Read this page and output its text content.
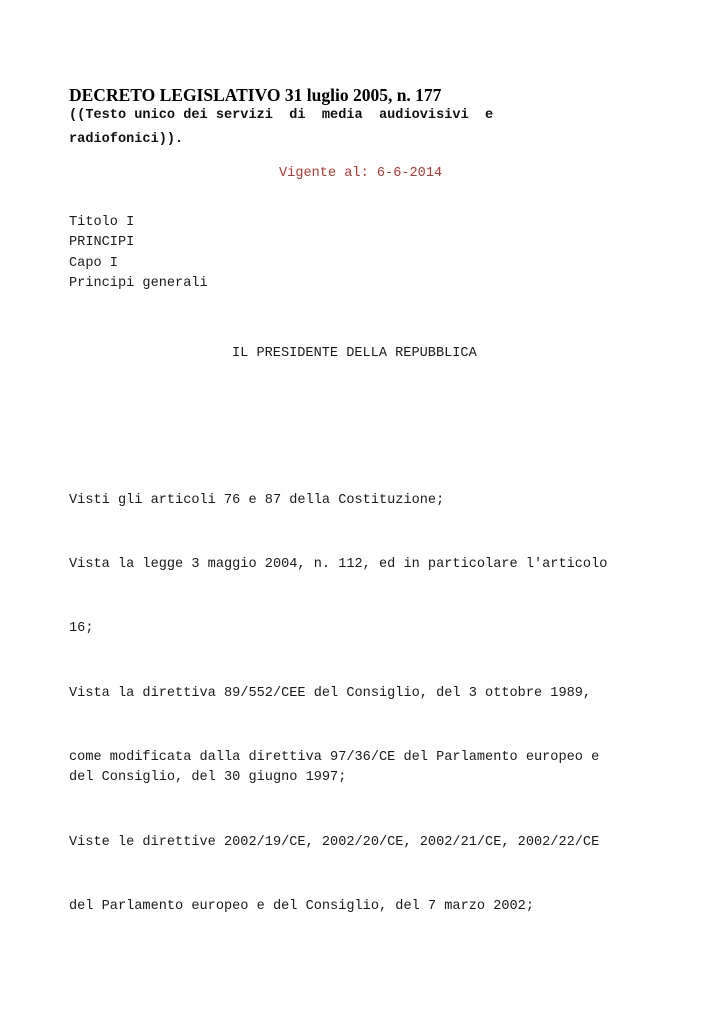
DECRETO LEGISLATIVO 31 luglio 2005, n. 177
((Testo unico dei servizi  di  media  audiovisivi  e
radiofonici)).
Vigente al: 6-6-2014
Titolo I
PRINCIPI
Capo I
Principi generali
IL PRESIDENTE DELLA REPUBBLICA
Visti gli articoli 76 e 87 della Costituzione;
Vista la legge 3 maggio 2004, n. 112, ed in particolare l'articolo
16;
Vista la direttiva 89/552/CEE del Consiglio, del 3 ottobre 1989,
come modificata dalla direttiva 97/36/CE del Parlamento europeo e
del Consiglio, del 30 giugno 1997;
Viste le direttive 2002/19/CE, 2002/20/CE, 2002/21/CE, 2002/22/CE
del Parlamento europeo e del Consiglio, del 7 marzo 2002;
